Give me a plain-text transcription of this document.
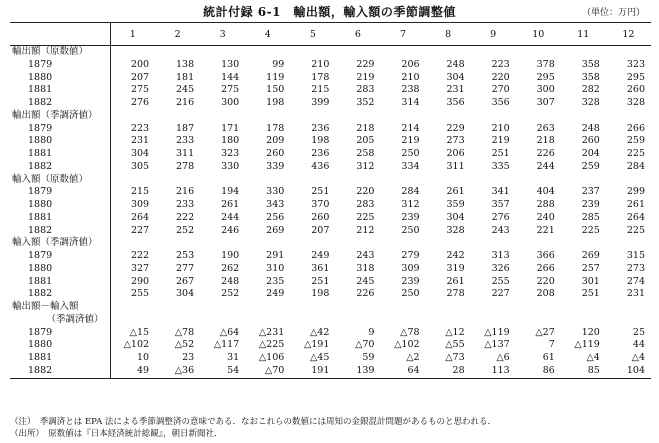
統計付録 6-1　輸出額，輸入額の季節調整値	（単位：万円）
	1	2	3	4	5	6	7	8	9	10	11	12
輸出額（原数値）												
1879	200	138	130	99	210	229	206	248	223	378	358	323
1880	207	181	144	119	178	219	210	304	220	295	358	295
1881	275	245	275	150	215	283	238	231	270	300	282	260
1882	276	216	300	198	399	352	314	356	356	307	328	328
輸出額（季調済値）												
1879	223	187	171	178	236	218	214	229	210	263	248	266
1880	231	233	180	209	198	205	219	273	219	218	260	259
1881	304	311	323	260	236	258	250	206	251	226	204	225
1882	305	278	330	339	436	312	334	311	335	244	259	284
輸入額（原数値）												
1879	215	216	194	330	251	220	284	261	341	404	237	299
1880	309	233	261	343	370	283	312	359	357	288	239	261
1881	264	222	244	256	260	225	239	304	276	240	285	264
1882	227	252	246	269	207	212	250	328	243	221	225	225
輸入額（季調済値）												
1879	222	253	190	291	249	243	279	242	313	366	269	315
1880	327	277	262	310	361	318	309	319	326	266	257	273
1881	290	267	248	235	251	245	239	261	255	220	301	274
1882	255	304	252	249	198	226	250	278	227	208	251	231
輸出額－輸入額												
（季調済値）												
1879	△15	△78	△64	△231	△42	9	△78	△12	△119	△27	120	25
1880	△102	△52	△117	△225	△191	△70	△102	△55	△137	7	△119	44
1881	10	23	31	△106	△45	59	△2	△73	△6	61	△4	△4
1882	49	△36	54	△70	191	139	64	28	113	86	85	104
（注）　季調済とは EPA 法による季節調整済の意味である．なおこれらの数値には周知の金銀混計問題があるものと思われる．
（出所）　原数値は『日本経済統計総観』，朝日新聞社．
